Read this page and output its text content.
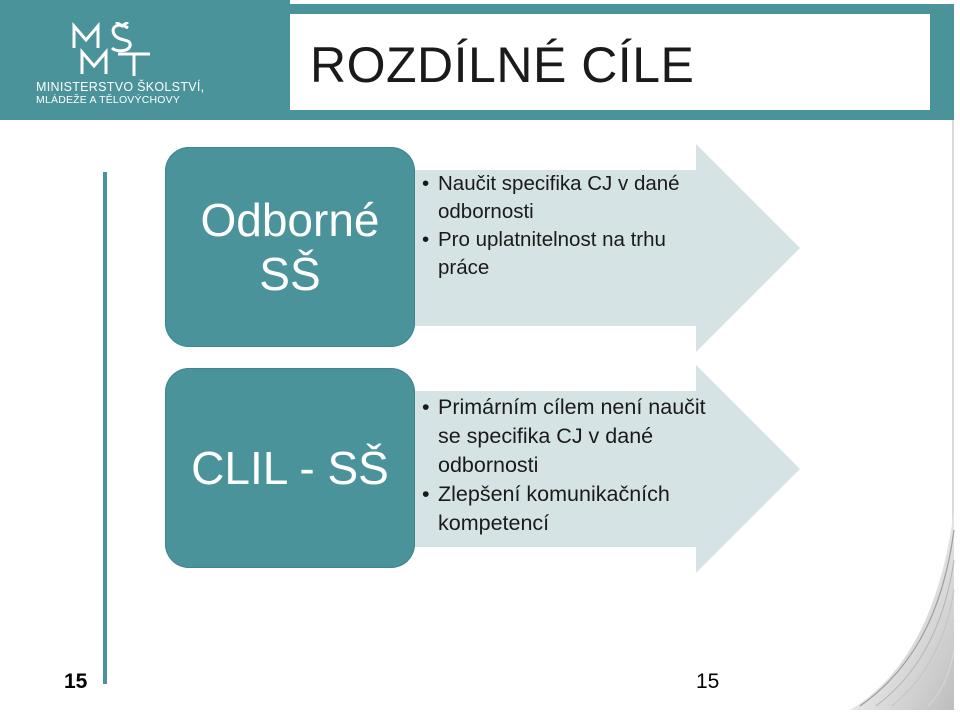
MINISTERSTVO ŠKOLSTVÍ,
MLÁDEŽE A TĚLOVÝCHOVY
ROZDÍLNÉ CÍLE
Odborné
SŠ
• Naučit specifika CJ v dané odbornosti
• Pro uplatnitelnost na trhu práce
CLIL - SŠ
• Primárním cílem není naučit se specifika CJ v dané odbornosti
• Zlepšení komunikačních kompetencí
15	15
